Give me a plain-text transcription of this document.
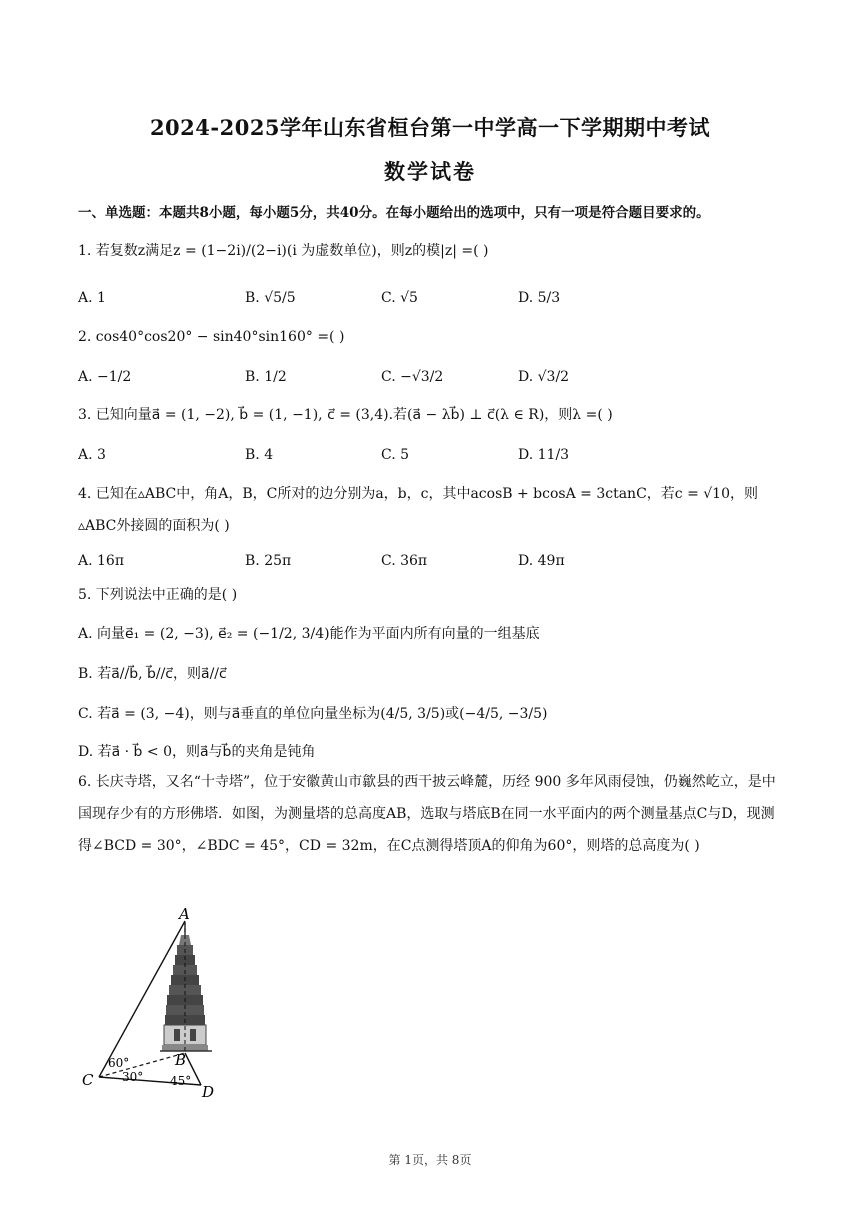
2024-2025学年山东省桓台第一中学高一下学期期中考试
数学试卷
一、单选题：本题共8小题，每小题5分，共40分。在每小题给出的选项中，只有一项是符合题目要求的。
1. 若复数z满足z = (1−2i)/(2−i)(i 为虚数单位)，则z的模|z| =( )
A. 1	B. √5/5	C. √5	D. 5/3
2. cos40°cos20° − sin40°sin160° =( )
A. −1/2	B. 1/2	C. −√3/2	D. √3/2
3. 已知向量a⃗ = (1, −2), b⃗ = (1, −1), c⃗ = (3,4).若(a⃗ − λb⃗) ⊥ c⃗(λ ∈ R)，则λ =( )
A. 3	B. 4	C. 5	D. 11/3
4. 已知在▵ABC中，角A，B，C所对的边分别为a，b，c，其中acosB + bcosA = 3ctanC，若c = √10，则▵ABC外接圆的面积为( )
A. 16π	B. 25π	C. 36π	D. 49π
5. 下列说法中正确的是( )
A. 向量e⃗₁ = (2, −3), e⃗₂ = (−1/2, 3/4)能作为平面内所有向量的一组基底
B. 若a⃗//b⃗, b⃗//c⃗，则a⃗//c⃗
C. 若a⃗ = (3, −4)，则与a⃗垂直的单位向量坐标为(4/5, 3/5)或(−4/5, −3/5)
D. 若a⃗ · b⃗ < 0，则a⃗与b⃗的夹角是钝角
6. 长庆寺塔，又名“十寺塔”，位于安徽黄山市歙县的西干披云峰麓，历经 900 多年风雨侵蚀，仍巍然屹立，是中国现存少有的方形佛塔．如图，为测量塔的总高度AB，选取与塔底B在同一水平面内的两个测量基点C与D，现测得∠BCD = 30°，∠BDC = 45°，CD = 32m，在C点测得塔顶A的仰角为60°，则塔的总高度为( )
A
B
C
D
60°
30° 45°
第 1页，共 8页
